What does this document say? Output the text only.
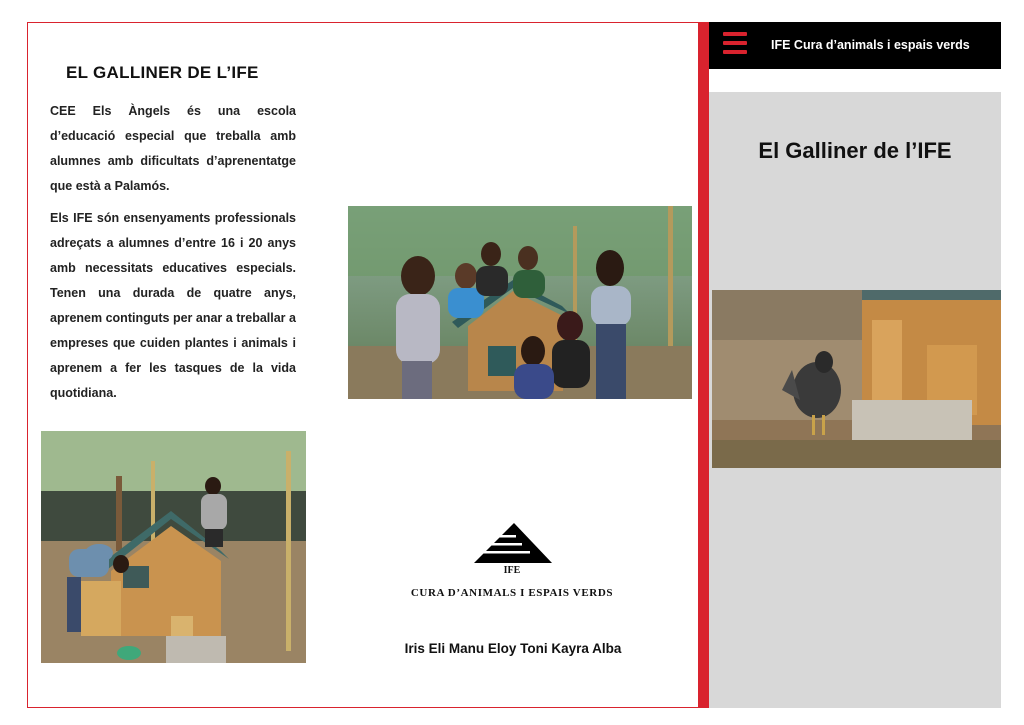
EL GALLINER DE L’IFE

CEE Els Àngels és una escola d’educació especial que treballa amb alumnes amb dificultats d’aprenentatge que està a Palamós.

Els IFE són ensenyaments professionals adreçats a alumnes d’entre 16 i 20 anys amb necessitats educatives especials. Tenen una durada de quatre anys, aprenem continguts per anar a treballar a empreses que cuiden plantes i animals i aprenem a fer les tasques de la vida quotidiana.

IFE
CURA D’ANIMALS I ESPAIS VERDS
Iris Eli Manu Eloy Toni Kayra Alba
IFE Cura d’animals i espais verds
El Galliner de l’IFE
